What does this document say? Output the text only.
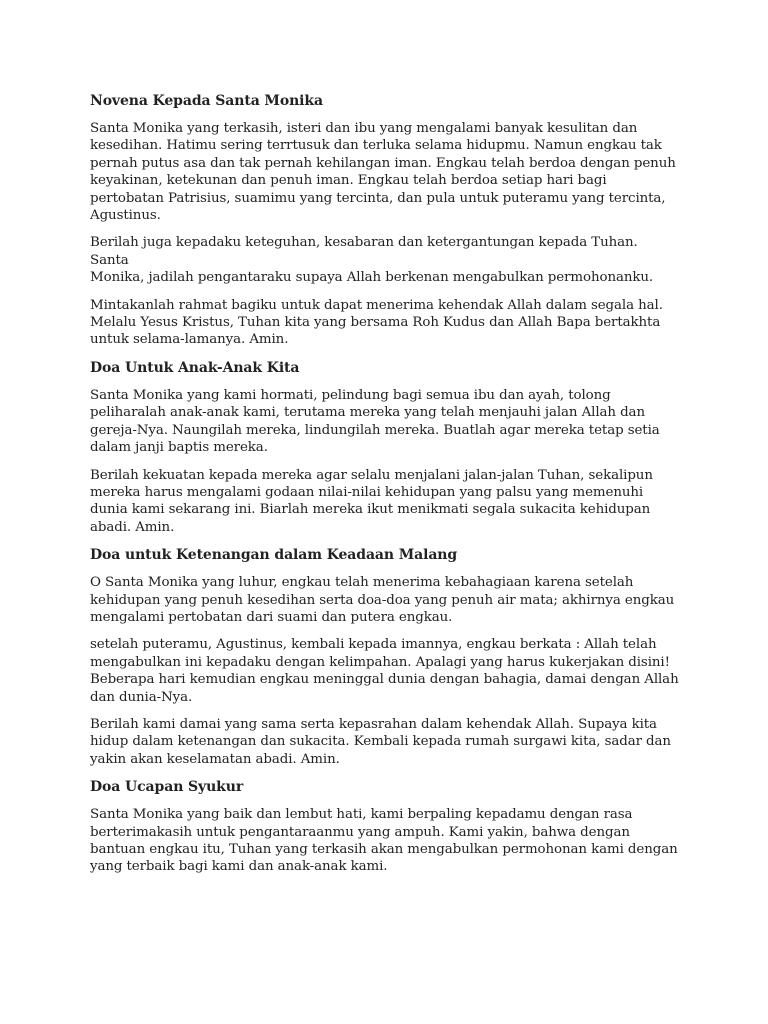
Novena Kepada Santa Monika

Santa Monika yang terkasih, isteri dan ibu yang mengalami banyak kesulitan dan
kesedihan. Hatimu sering terrtusuk dan terluka selama hidupmu. Namun engkau tak
pernah putus asa dan tak pernah kehilangan iman. Engkau telah berdoa dengan penuh
keyakinan, ketekunan dan penuh iman. Engkau telah berdoa setiap hari bagi
pertobatan Patrisius, suamimu yang tercinta, dan pula untuk puteramu yang tercinta,
Agustinus.

Berilah juga kepadaku keteguhan, kesabaran dan ketergantungan kepada Tuhan. Santa
Monika, jadilah pengantaraku supaya Allah berkenan mengabulkan permohonanku.

Mintakanlah rahmat bagiku untuk dapat menerima kehendak Allah dalam segala hal.
Melalu Yesus Kristus, Tuhan kita yang bersama Roh Kudus dan Allah Bapa bertakhta
untuk selama-lamanya. Amin.

Doa Untuk Anak-Anak Kita

Santa Monika yang kami hormati, pelindung bagi semua ibu dan ayah, tolong
peliharalah anak-anak kami, terutama mereka yang telah menjauhi jalan Allah dan
gereja-Nya. Naungilah mereka, lindungilah mereka. Buatlah agar mereka tetap setia
dalam janji baptis mereka.

Berilah kekuatan kepada mereka agar selalu menjalani jalan-jalan Tuhan, sekalipun
mereka harus mengalami godaan nilai-nilai kehidupan yang palsu yang memenuhi
dunia kami sekarang ini. Biarlah mereka ikut menikmati segala sukacita kehidupan
abadi. Amin.

Doa untuk Ketenangan dalam Keadaan Malang

O Santa Monika yang luhur, engkau telah menerima kebahagiaan karena setelah
kehidupan yang penuh kesedihan serta doa-doa yang penuh air mata; akhirnya engkau
mengalami pertobatan dari suami dan putera engkau.

setelah puteramu, Agustinus, kembali kepada imannya, engkau berkata : Allah telah
mengabulkan ini kepadaku dengan kelimpahan. Apalagi yang harus kukerjakan disini!
Beberapa hari kemudian engkau meninggal dunia dengan bahagia, damai dengan Allah
dan dunia-Nya.

Berilah kami damai yang sama serta kepasrahan dalam kehendak Allah. Supaya kita
hidup dalam ketenangan dan sukacita. Kembali kepada rumah surgawi kita, sadar dan
yakin akan keselamatan abadi. Amin.

Doa Ucapan Syukur

Santa Monika yang baik dan lembut hati, kami berpaling kepadamu dengan rasa
berterimakasih untuk pengantaraanmu yang ampuh. Kami yakin, bahwa dengan
bantuan engkau itu, Tuhan yang terkasih akan mengabulkan permohonan kami dengan
yang terbaik bagi kami dan anak-anak kami.
